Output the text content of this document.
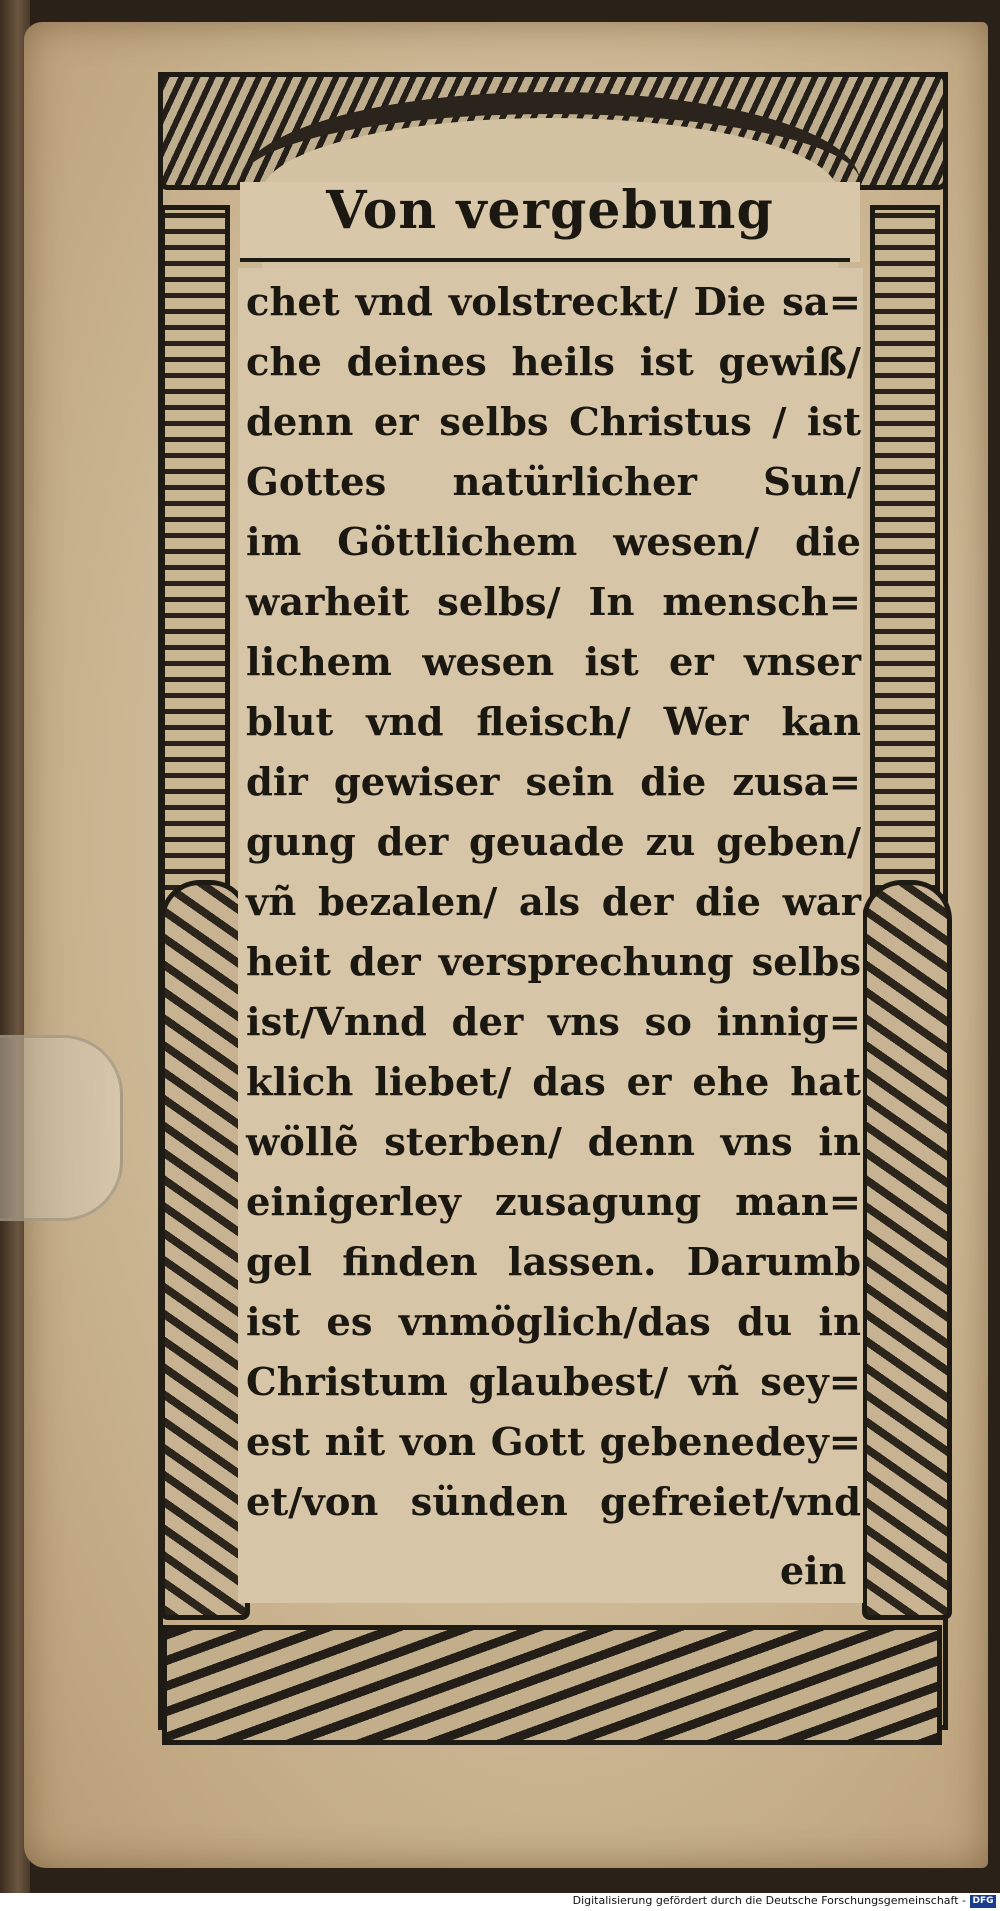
Von vergebung

chet vnd volstreckt/ Die sa=

che deines heils ist gewiß/

denn er selbs Christus / ist

Gottes natürlicher Sun/

im Göttlichem wesen/ die

warheit selbs/ In mensch=

lichem wesen ist er vnser

blut vnd fleisch/ Wer kan

dir gewiser sein die zusa=

gung der geuade zu geben/

vñ bezalen/ als der die war

heit der versprechung selbs

ist/Vnnd der vns so innig=

klich liebet/ das er ehe hat

wöllẽ sterben/ denn vns in

einigerley zusagung man=

gel finden lassen. Darumb

ist es vnmöglich/das du in

Christum glaubest/ vñ sey=

est nit von Gott gebenedey=

et/von sünden gefreiet/vnd

ein

Digitalisierung gefördert durch die Deutsche Forschungsgemeinschaft - DFG
